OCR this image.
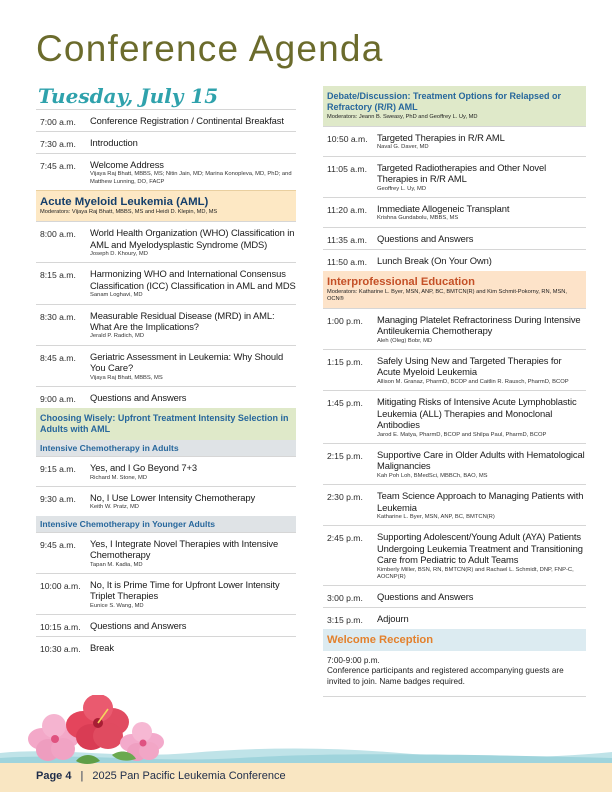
Conference Agenda
Tuesday, July 15
7:00 a.m.	Conference Registration / Continental Breakfast
7:30 a.m.	Introduction
7:45 a.m.	Welcome Address
Vijaya Raj Bhatt, MBBS, MS; Nitin Jain, MD; Marina Konopleva, MD, PhD; and Matthew Lunning, DO, FACP
Acute Myeloid Leukemia (AML)
Moderators: Vijaya Raj Bhatt, MBBS, MS and Heidi D. Klepin, MD, MS
8:00 a.m.	World Health Organization (WHO) Classification in AML and Myelodysplastic Syndrome (MDS)
Joseph D. Khoury, MD
8:15 a.m.	Harmonizing WHO and International Consensus Classification (ICC) Classification in AML and MDS
Sanam Loghavi, MD
8:30 a.m.	Measurable Residual Disease (MRD) in AML: What Are the Implications?
Jerald P. Radich, MD
8:45 a.m.	Geriatric Assessment in Leukemia: Why Should You Care?
Vijaya Raj Bhatt, MBBS, MS
9:00 a.m.	Questions and Answers
Choosing Wisely: Upfront Treatment Intensity Selection in Adults with AML
Intensive Chemotherapy in Adults
9:15 a.m.	Yes, and I Go Beyond 7+3
Richard M. Stone, MD
9:30 a.m.	No, I Use Lower Intensity Chemotherapy
Keith W. Pratz, MD
Intensive Chemotherapy in Younger Adults
9:45 a.m.	Yes, I Integrate Novel Therapies with Intensive Chemotherapy
Tapan M. Kadia, MD
10:00 a.m. No, It is Prime Time for Upfront Lower Intensity Triplet Therapies
Eunice S. Wang, MD
10:15 a.m. Questions and Answers
10:30 a.m. Break
Debate/Discussion: Treatment Options for Relapsed or Refractory (R/R) AML
Moderators: Jeann B. Sweasy, PhD and Geoffrey L. Uy, MD
10:50 a.m. Targeted Therapies in R/R AML
Naval G. Daver, MD
11:05 a.m.	Targeted Radiotherapies and Other Novel Therapies in R/R AML
Geoffrey L. Uy, MD
11:20 a.m.	Immediate Allogeneic Transplant
Krishna Gundabolu, MBBS, MS
11:35 a.m.	Questions and Answers
11:50 a.m.	Lunch Break (On Your Own)
Interprofessional Education
Moderators: Katharine L. Byer, MSN, ANP, BC, BMTCN(R) and Kim Schmit-Pokorny, RN, MSN, OCN®
1:00 p.m.	Managing Platelet Refractoriness During Intensive Antileukemia Chemotherapy
Aleh (Oleg) Bobr, MD
1:15 p.m.	Safely Using New and Targeted Therapies for Acute Myeloid Leukemia
Allison M. Granaz, PharmD, BCOP and Caitlin R. Rausch, PharmD, BCOP
1:45 p.m.	Mitigating Risks of Intensive Acute Lymphoblastic Leukemia (ALL) Therapies and Monoclonal Antibodies
Jarod E. Matya, PharmD, BCOP and Shilpa Paul, PharmD, BCOP
2:15 p.m.	Supportive Care in Older Adults with Hematological Malignancies
Kah Poh Loh, BMedSci, MBBCh, BAO, MS
2:30 p.m.	Team Science Approach to Managing Patients with Leukemia
Katharine L. Byer, MSN, ANP, BC, BMTCN(R)
2:45 p.m.	Supporting Adolescent/Young Adult (AYA) Patients Undergoing Leukemia Treatment and Transitioning Care from Pediatric to Adult Teams
Kimberly Miller, BSN, RN, BMTCN(R) and Rachael L. Schmidt, DNP, FNP-C, AOCNP(R)
3:00 p.m.	Questions and Answers
3:15 p.m.	Adjourn
Welcome Reception
7:00-9:00 p.m.
Conference participants and registered accompanying guests are invited to join. Name badges required.
Page 4 | 2025 Pan Pacific Leukemia Conference
